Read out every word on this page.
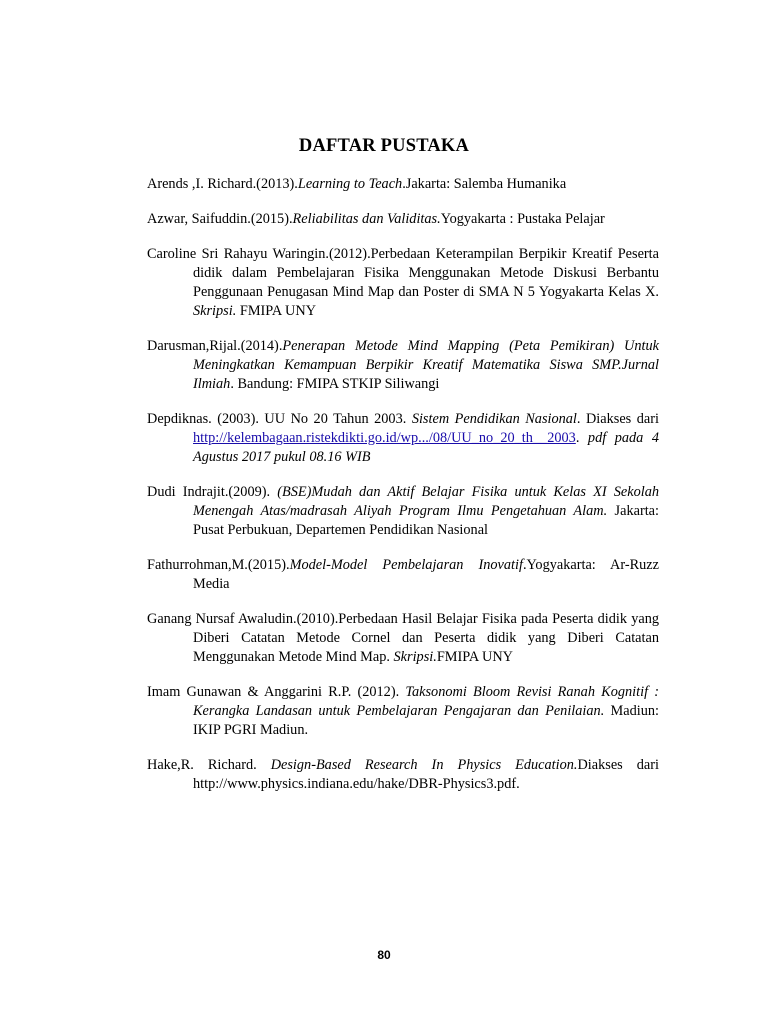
DAFTAR PUSTAKA

Arends ,I. Richard.(2013).Learning to Teach.Jakarta: Salemba Humanika

Azwar, Saifuddin.(2015).Reliabilitas dan Validitas.Yogyakarta : Pustaka Pelajar

Caroline Sri Rahayu Waringin.(2012).Perbedaan Keterampilan Berpikir Kreatif Peserta didik dalam Pembelajaran Fisika Menggunakan Metode Diskusi Berbantu Penggunaan Penugasan Mind Map dan Poster di SMA N 5 Yogyakarta Kelas X. Skripsi. FMIPA UNY

Darusman,Rijal.(2014).Penerapan Metode Mind Mapping (Peta Pemikiran) Untuk Meningkatkan Kemampuan Berpikir Kreatif Matematika Siswa SMP.Jurnal Ilmiah. Bandung: FMIPA STKIP Siliwangi

Depdiknas. (2003). UU No 20 Tahun 2003. Sistem Pendidikan Nasional. Diakses dari http://kelembagaan.ristekdikti.go.id/wp.../08/UU_no_20_th__2003. pdf pada 4 Agustus 2017 pukul 08.16 WIB

Dudi Indrajit.(2009). (BSE)Mudah dan Aktif Belajar Fisika untuk Kelas XI Sekolah Menengah Atas/madrasah Aliyah Program Ilmu Pengetahuan Alam. Jakarta: Pusat Perbukuan, Departemen Pendidikan Nasional

Fathurrohman,M.(2015).Model-Model Pembelajaran Inovatif.Yogyakarta: Ar-Ruzz Media

Ganang Nursaf Awaludin.(2010).Perbedaan Hasil Belajar Fisika pada Peserta didik yang Diberi Catatan Metode Cornel dan Peserta didik yang Diberi Catatan Menggunakan Metode Mind Map. Skripsi.FMIPA UNY

Imam Gunawan & Anggarini R.P. (2012). Taksonomi Bloom Revisi Ranah Kognitif : Kerangka Landasan untuk Pembelajaran Pengajaran dan Penilaian. Madiun: IKIP PGRI Madiun.

Hake,R. Richard. Design-Based Research In Physics Education.Diakses dari http://www.physics.indiana.edu/hake/DBR-Physics3.pdf.

80
